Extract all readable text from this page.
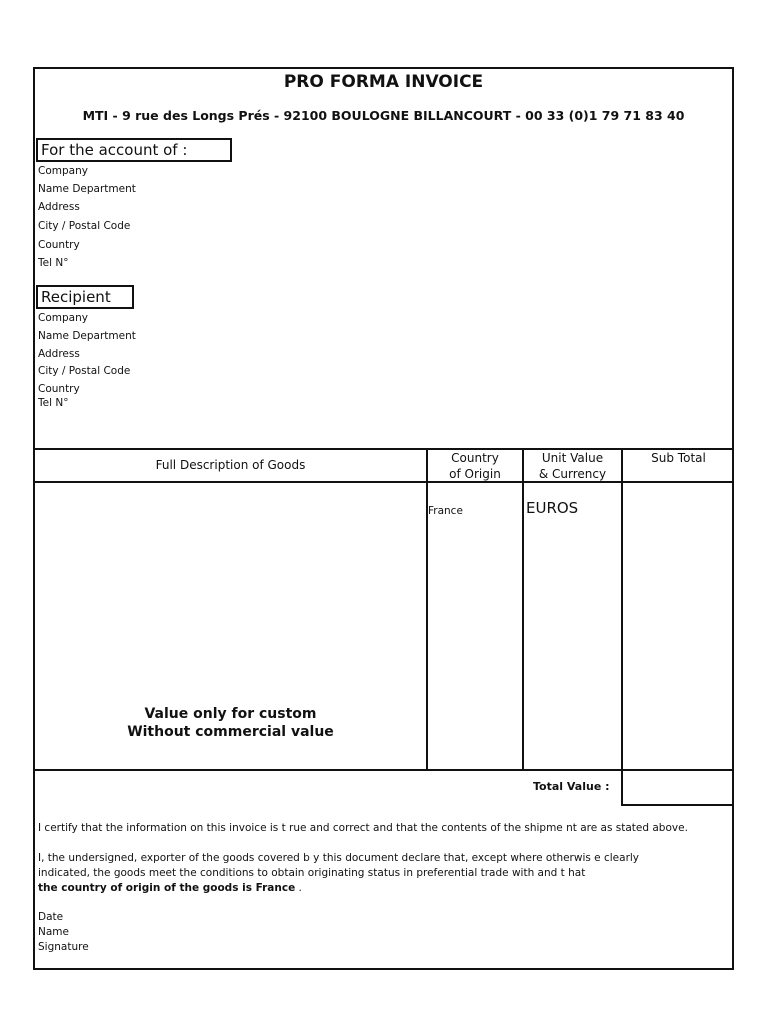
PRO FORMA INVOICE
MTI - 9 rue des Longs Prés - 92100 BOULOGNE BILLANCOURT - 00 33 (0)1 79 71 83 40
For the account of :
Company
Name Department
Address
City / Postal Code
Country
Tel N°
Recipient
Company
Name Department
Address
City / Postal Code
Country
Tel N°
Full Description of Goods	Country
of Origin
Unit Value
& Currency
Sub Total
France	EUROS
Value only for custom
Without commercial value
Total Value :
I certify that the information on this invoice is t rue and correct and that the contents of the shipme nt are as stated above.
I, the undersigned, exporter of the goods covered b y this document declare that, except where otherwis e clearly
indicated, the goods meet the conditions to obtain originating status in preferential trade with and t hat
the country of origin of the goods is France .
Date
Name
Signature
